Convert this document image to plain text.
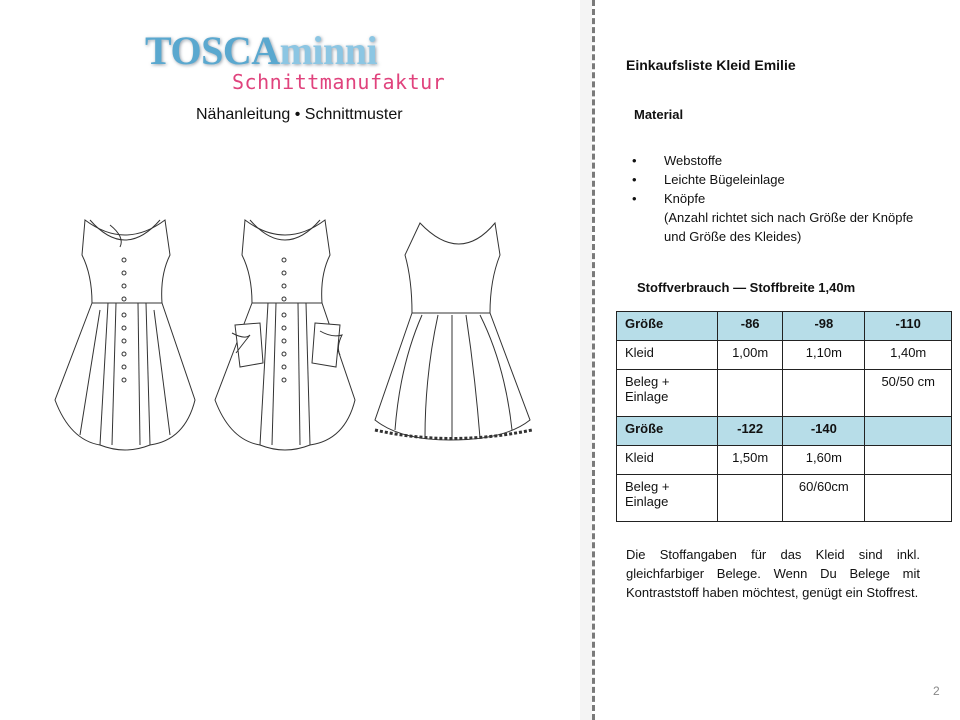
TOSCAminni
Schnittmanufaktur
Nähanleitung • Schnittmuster
Einkaufsliste Kleid Emilie
Material
• Webstoffe
• Leichte Bügeleinlage
• Knöpfe
(Anzahl richtet sich nach Größe der Knöpfe
und Größe des Kleides)
Stoffverbrauch — Stoffbreite 1,40m
Größe	-86	-98	-110
Kleid	1,00m	1,10m	1,40m
Beleg +
Einlage			50/50 cm
Größe	-122	-140	
Kleid	1,50m	1,60m	
Beleg +
Einlage		60/60cm	
Die Stoffangaben für das Kleid sind inkl. gleichfarbiger Belege. Wenn Du Belege mit Kontraststoff haben möchtest, genügt ein Stoffrest.
2
